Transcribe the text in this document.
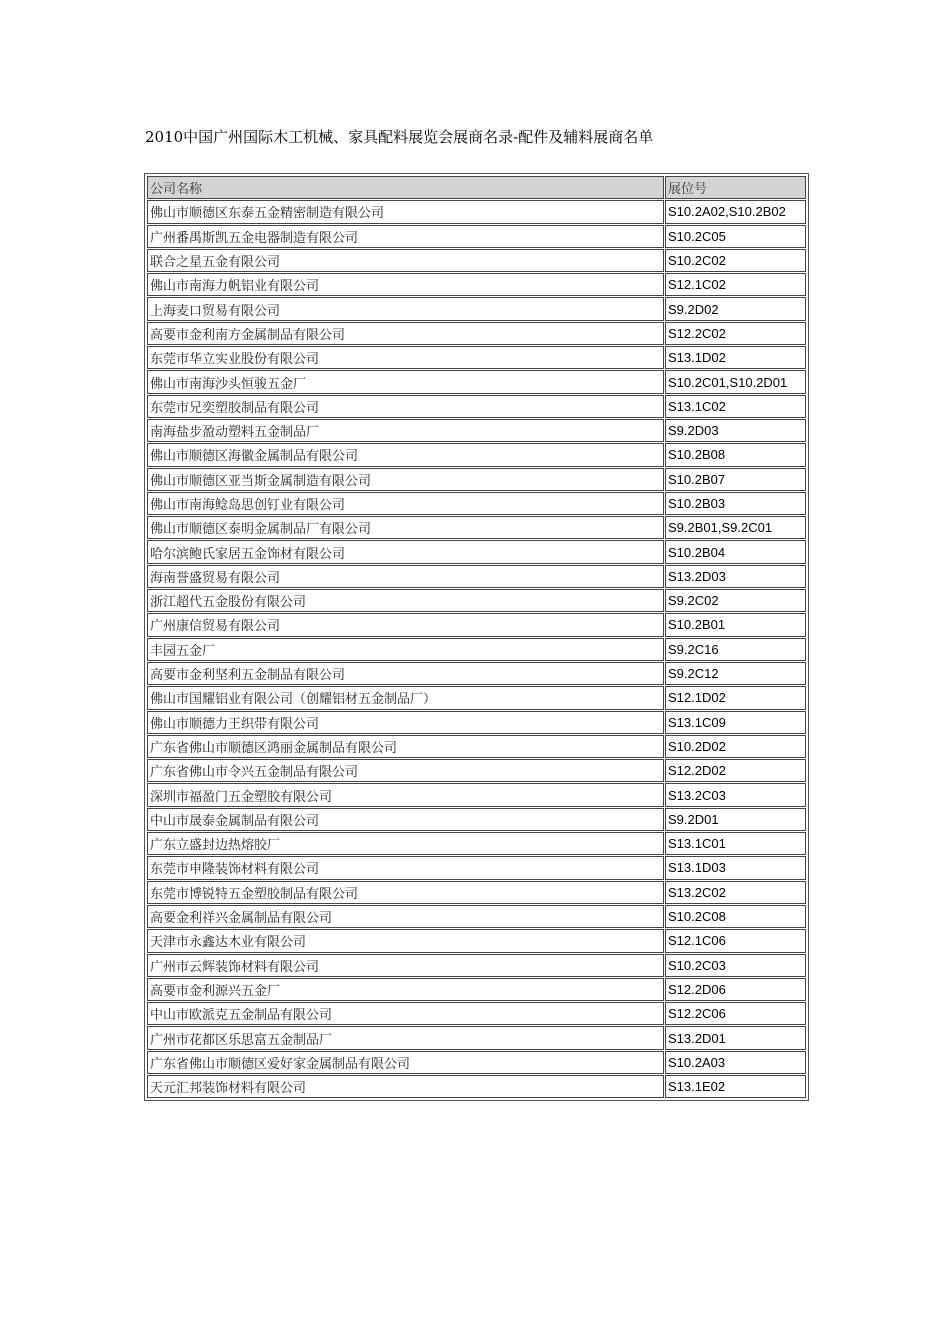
2010中国广州国际木工机械、家具配料展览会展商名录-配件及辅料展商名单
公司名称	展位号
佛山市顺德区东泰五金精密制造有限公司	S10.2A02,S10.2B02
广州番禺斯凯五金电器制造有限公司	S10.2C05
联合之星五金有限公司	S10.2C02
佛山市南海力帆铝业有限公司	S12.1C02
上海麦口贸易有限公司	S9.2D02
高要市金利南方金属制品有限公司	S12.2C02
东莞市华立实业股份有限公司	S13.1D02
佛山市南海沙头恒骏五金厂	S10.2C01,S10.2D01
东莞市兄奕塑胶制品有限公司	S13.1C02
南海盐步盈动塑料五金制品厂	S9.2D03
佛山市顺德区海徽金属制品有限公司	S10.2B08
佛山市顺德区亚当斯金属制造有限公司	S10.2B07
佛山市南海鲶岛思创钉业有限公司	S10.2B03
佛山市顺德区泰明金属制品厂有限公司	S9.2B01,S9.2C01
哈尔滨鲍氏家居五金饰材有限公司	S10.2B04
海南誉盛贸易有限公司	S13.2D03
浙江超代五金股份有限公司	S9.2C02
广州康信贸易有限公司	S10.2B01
丰园五金厂	S9.2C16
高要市金利坚利五金制品有限公司	S9.2C12
佛山市国耀铝业有限公司（创耀铝材五金制品厂）	S12.1D02
佛山市顺德力王织带有限公司	S13.1C09
广东省佛山市顺德区鸿丽金属制品有限公司	S10.2D02
广东省佛山市令兴五金制品有限公司	S12.2D02
深圳市福盈门五金塑胶有限公司	S13.2C03
中山市晟泰金属制品有限公司	S9.2D01
广东立盛封边热熔胶厂	S13.1C01
东莞市申隆装饰材料有限公司	S13.1D03
东莞市博锐特五金塑胶制品有限公司	S13.2C02
高要金利祥兴金属制品有限公司	S10.2C08
天津市永鑫达木业有限公司	S12.1C06
广州市云辉装饰材料有限公司	S10.2C03
高要市金利源兴五金厂	S12.2D06
中山市欧派克五金制品有限公司	S12.2C06
广州市花都区乐思富五金制品厂	S13.2D01
广东省佛山市顺德区爱好家金属制品有限公司	S10.2A03
天元汇邦装饰材料有限公司	S13.1E02
